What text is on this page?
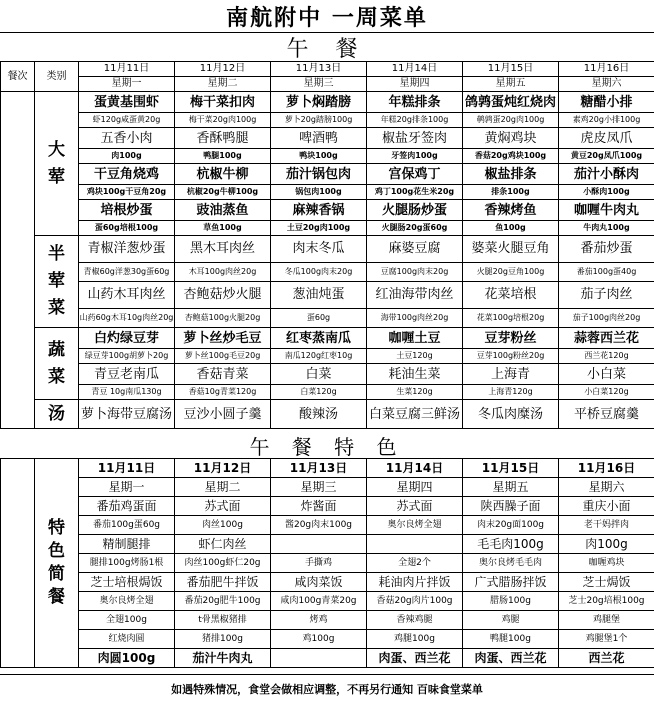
南航附中 一周菜单
午 餐
餐次	类别	11月11日	11月12日	11月13日	11月14日	11月15日	11月16日
		星期一	星期二	星期三	星期四	星期五	星期六

	大
荤	蛋黄基围虾	梅干菜扣肉	萝卜焖踏膀	年糕排条	鸽鹑蛋炖红烧肉	糖醋小排
		虾120g咸蛋黄20g	梅干菜20g肉100g	萝卜20g踏膀100g	年糕20g排条100g	鹌鹑蛋20g肉100g	素鸡20g小排100g
		五香小肉	香酥鸭腿	啤酒鸭	椒盐牙签肉	黄焖鸡块	虎皮凤爪
		肉100g	鸭腿100g	鸭块100g	牙签肉100g	香菇20g鸡块100g	黄豆20g凤爪100g
		干豆角烧鸡	杭椒牛柳	茄汁锅包肉	宫保鸡丁	椒盐排条	茄汁小酥肉
		鸡块100g干豆角20g	杭椒20g牛柳100g	锅包肉100g	鸡丁100g花生米20g	排条100g	小酥肉100g
		培根炒蛋	豉油蒸鱼	麻辣香锅	火腿肠炒蛋	香辣烤鱼	咖喱牛肉丸
		蛋60g培根100g	草鱼100g	土豆20g肉100g	火腿肠20g蛋60g	鱼100g	牛肉丸100g

	半
荤
菜	青椒洋葱炒蛋	黑木耳肉丝	肉末冬瓜	麻婆豆腐	婆菜火腿豆角	番茄炒蛋
		青椒60g洋葱30g蛋60g	木耳100g肉丝20g	冬瓜100g肉末20g	豆腐100g肉末20g	火腿20g豆角100g	番茄100g蛋40g
		山药木耳肉丝	杏鲍菇炒火腿	葱油炖蛋	红油海带肉丝	花菜培根	茄子肉丝
		山药60g木耳10g肉丝20g	杏鲍菇100g火腿20g	蛋60g	海带100g肉丝20g	花菜100g培根20g	茄子100g肉丝20g

	蔬
菜	白灼绿豆芽	萝卜丝炒毛豆	红枣蒸南瓜	咖喱土豆	豆芽粉丝	蒜蓉西兰花
		绿豆芽100g胡萝卜20g	萝卜丝100g毛豆20g	南瓜120g红枣10g	土豆120g	豆芽100g粉丝20g	西兰花120g
		青豆老南瓜	香菇青菜	白菜	耗油生菜	上海青	小白菜
		青豆 10g南瓜130g	香菇10g青菜120g	白菜120g	生菜120g	上海青120g	小白菜120g

	汤	萝卜海带豆腐汤	豆沙小圆子羹	酸辣汤	白菜豆腐三鲜汤	冬瓜肉糜汤	平桥豆腐羹
午 餐 特 色

	特
色
简
餐	11月11日	11月12日	11月13日	11月14日	11月15日	11月16日
		星期一	星期二	星期三	星期四	星期五	星期六
		番茄鸡蛋面	苏式面	炸酱面	苏式面	陕西臊子面	重庆小面
		番茄100g蛋60g	肉丝100g	酱20g肉末100g	奥尔良烤全翅	肉末20g面100g	老干妈拌肉
		精制腿排	虾仁肉丝			毛毛肉100g	肉100g
		腿排100g烤肠1根	肉丝100g虾仁20g	手撕鸡	全翅2个	奥尔良烤毛毛肉	咖喱鸡块
		芝士培根焗饭	番茄肥牛拌饭	咸肉菜饭	耗油肉片拌饭	广式腊肠拌饭	芝士焗饭
		奥尔良烤全翅	番茄20g肥牛100g	咸肉100g青菜20g	香菇20g肉片100g	腊肠100g	芝士20g培根100g
		全翅100g	t骨黑椒猪排	烤鸡	香辣鸡腿	鸡腿	鸡腿堡
		红烧肉圆	猪排100g	鸡100g	鸡腿100g	鸭腿100g	鸡腿堡1个
		肉圆100g	茄汁牛肉丸		肉蛋、西兰花	肉蛋、西兰花	西兰花
如遇特殊情况，食堂会做相应调整，不再另行通知 百味食堂菜单
